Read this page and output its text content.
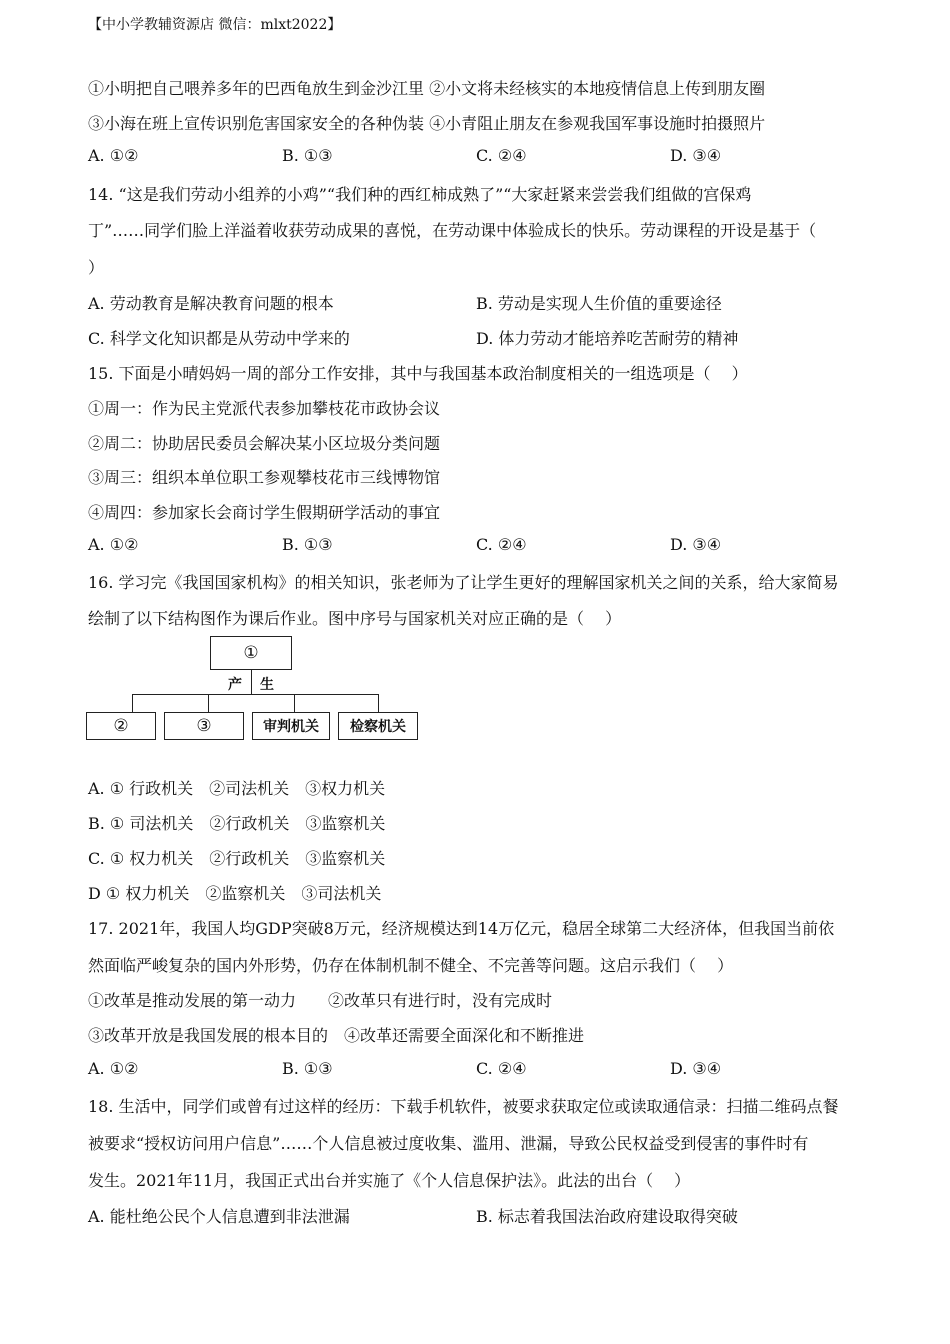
【中小学教辅资源店 微信：mlxt2022】
①小明把自己喂养多年的巴西龟放生到金沙江里 ②小文将未经核实的本地疫情信息上传到朋友圈
③小海在班上宣传识别危害国家安全的各种伪装 ④小青阻止朋友在参观我国军事设施时拍摄照片
A. ①②	B. ①③	C. ②④	D. ③④
14. “这是我们劳动小组养的小鸡”“我们种的西红柿成熟了”“大家赶紧来尝尝我们组做的宫保鸡
丁”……同学们脸上洋溢着收获劳动成果的喜悦，在劳动课中体验成长的快乐。劳动课程的开设是基于（
）
A. 劳动教育是解决教育问题的根本	B. 劳动是实现人生价值的重要途径
C. 科学文化知识都是从劳动中学来的	D. 体力劳动才能培养吃苦耐劳的精神
15. 下面是小晴妈妈一周的部分工作安排，其中与我国基本政治制度相关的一组选项是（　 ）
①周一：作为民主党派代表参加攀枝花市政协会议
②周二：协助居民委员会解决某小区垃圾分类问题
③周三：组织本单位职工参观攀枝花市三线博物馆
④周四：参加家长会商讨学生假期研学活动的事宜
A. ①②	B. ①③	C. ②④	D. ③④
16. 学习完《我国国家机构》的相关知识，张老师为了让学生更好的理解国家机关之间的关系，给大家简易
绘制了以下结构图作为课后作业。图中序号与国家机关对应正确的是（　 ）
①
产 生
②	③	审判机关	检察机关
A. ① 行政机关　②司法机关　③权力机关
B. ① 司法机关　②行政机关　③监察机关
C. ① 权力机关　②行政机关　③监察机关
D ① 权力机关　②监察机关　③司法机关
17. 2021年，我国人均GDP突破8万元，经济规模达到14万亿元，稳居全球第二大经济体，但我国当前依
然面临严峻复杂的国内外形势，仍存在体制机制不健全、不完善等问题。这启示我们（　 ）
①改革是推动发展的第一动力　　②改革只有进行时，没有完成时
③改革开放是我国发展的根本目的　④改革还需要全面深化和不断推进
A. ①②	B. ①③	C. ②④	D. ③④
18. 生活中，同学们或曾有过这样的经历：下载手机软件，被要求获取定位或读取通信录：扫描二维码点餐
被要求“授权访问用户信息”……个人信息被过度收集、滥用、泄漏，导致公民权益受到侵害的事件时有
发生。2021年11月，我国正式出台并实施了《个人信息保护法》。此法的出台（　 ）
A. 能杜绝公民个人信息遭到非法泄漏	B. 标志着我国法治政府建设取得突破
